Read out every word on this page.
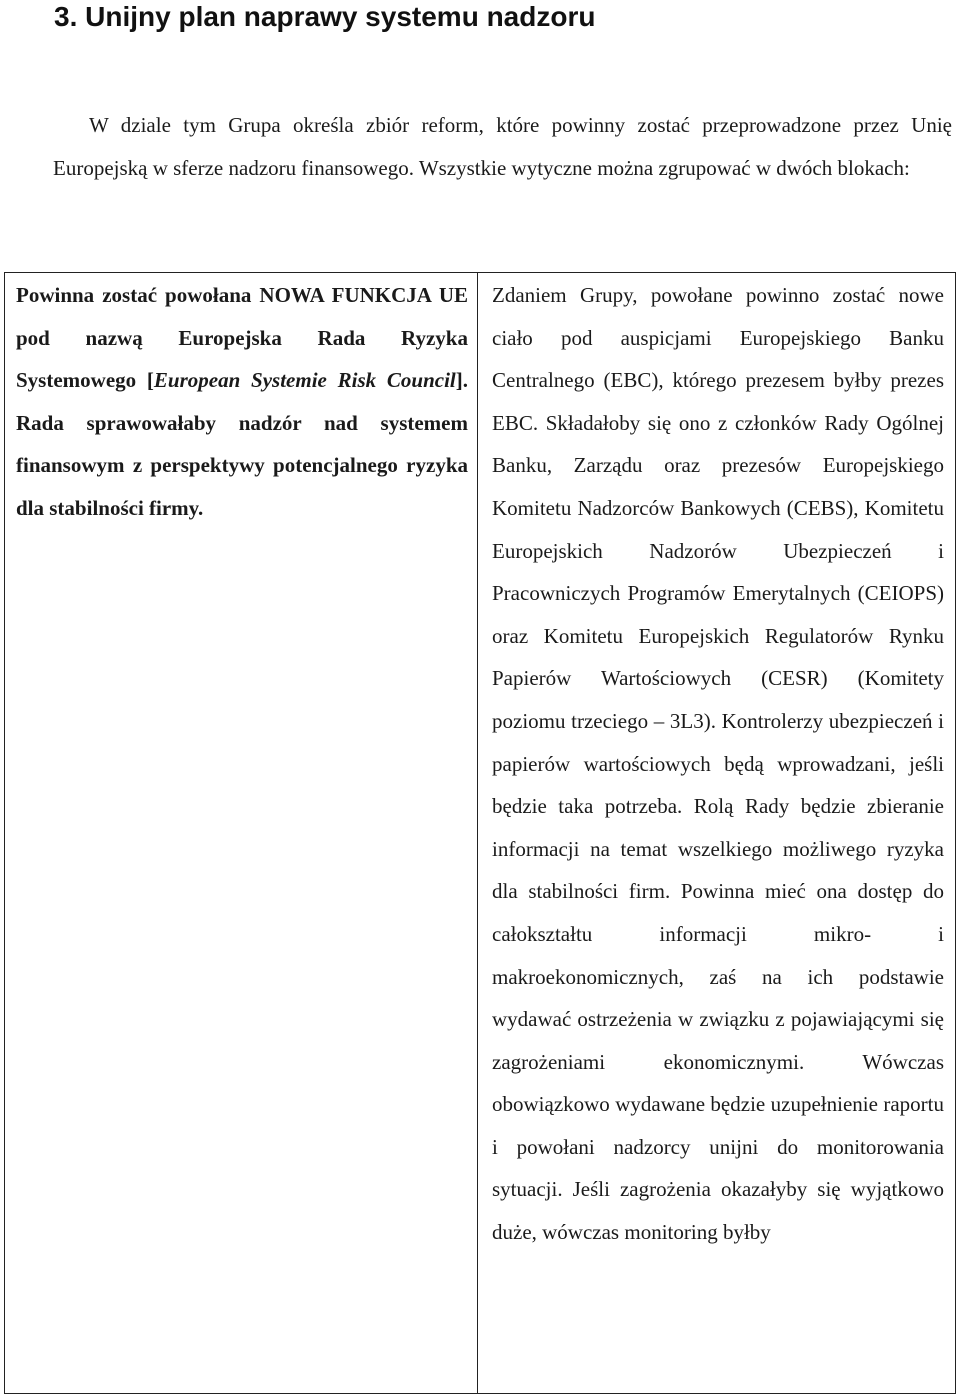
3. Unijny plan naprawy systemu nadzoru

W dziale tym Grupa określa zbiór reform, które powinny zostać przeprowadzone przez Unię Europejską w sferze nadzoru finansowego. Wszystkie wytyczne można zgrupować w dwóch blokach:

Powinna zostać powołana NOWA FUNKCJA UE pod nazwą Europejska Rada Ryzyka Systemowego [European Systemie Risk Council]. Rada sprawowałaby nadzór nad systemem finansowym z perspektywy potencjalnego ryzyka dla stabilności firmy.

Zdaniem Grupy, powołane powinno zostać nowe ciało pod auspicjami Europejskiego Banku Centralnego (EBC), którego prezesem byłby prezes EBC. Składałoby się ono z członków Rady Ogólnej Banku, Zarządu oraz prezesów Europejskiego Komitetu Nadzorców Bankowych (CEBS), Komitetu Europejskich Nadzorów Ubezpieczeń i Pracowniczych Programów Emerytalnych (CEIOPS) oraz Komitetu Europejskich Regulatorów Rynku Papierów Wartościowych (CESR) (Komitety poziomu trzeciego – 3L3). Kontrolerzy ubezpieczeń i papierów wartościowych będą wprowadzani, jeśli będzie taka potrzeba. Rolą Rady będzie zbieranie informacji na temat wszelkiego możliwego ryzyka dla stabilności firm. Powinna mieć ona dostęp do całokształtu informacji mikro- i makroekonomicznych, zaś na ich podstawie wydawać ostrzeżenia w związku z pojawiającymi się zagrożeniami ekonomicznymi. Wówczas obowiązkowo wydawane będzie uzupełnienie raportu i powołani nadzorcy unijni do monitorowania sytuacji. Jeśli zagrożenia okazałyby się wyjątkowo duże, wówczas monitoring byłby
